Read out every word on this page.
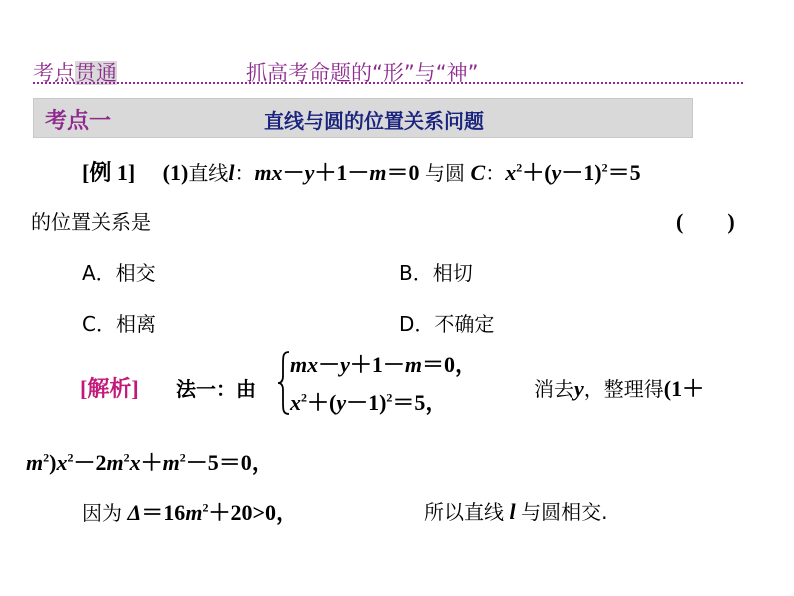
考点贯通	抓高考命题的“形”与“神”
考点一	直线与圆的位置关系问题
[例 1] (1)直线l：mx－y＋1－m＝0 与圆 C：$x^2+(y-1)^2=5$
的位置关系是	(　　)
A．相交	B．相切
C．相离	D．不确定
[解析] 法一：由
mx－y＋1－m＝0，
$x^2+(y-1)^2=5$，
消去y，整理得(1＋
$m^2)x^2-2m^2x+m^2-5=0$，
因为 $\Delta=16m^2+20>0$，	所以直线 l 与圆相交.
